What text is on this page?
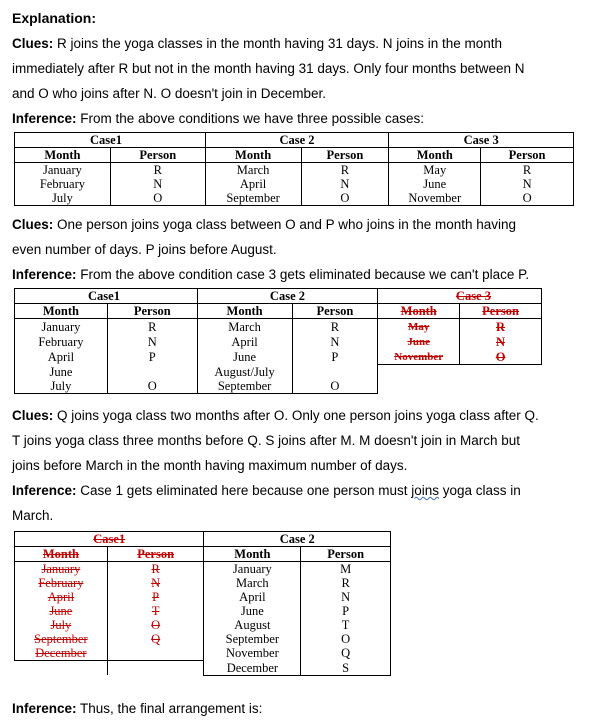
Explanation:
Clues: R joins the yoga classes in the month having 31 days. N joins in the month
immediately after R but not in the month having 31 days. Only four months between N
and O who joins after N. O doesn't join in December.
Inference: From the above conditions we have three possible cases:
Case1		Case 2		Case 3	
Month	Person	Month	Person	Month	Person
January	R	March	R	May	R
February	N	April	N	June	N
July	O	September	O	November	O
Clues: One person joins yoga class between O and P who joins in the month having
even number of days. P joins before August.
Inference: From the above condition case 3 gets eliminated because we can't place P.
Case1		Case 2		Case 3	
Month	Person	Month	Person	Month	Person
January	R	March	R	May	R
February	N	April	N	June	N
April	P	June	P	November	O
June		August/July			
July	O	September	O		
Clues: Q joins yoga class two months after O. Only one person joins yoga class after Q.
T joins yoga class three months before Q. S joins after M. M doesn't join in March but
joins before March in the month having maximum number of days.
Inference: Case 1 gets eliminated here because one person must joins yoga class in
March.
Case1		Case 2	
Month	Person	Month	Person
January	R	January	M
February	N	March	R
April	P	April	N
June	T	June	P
July	O	August	T
September	Q	September	O
December		November	Q
		December	S
Inference: Thus, the final arrangement is:
